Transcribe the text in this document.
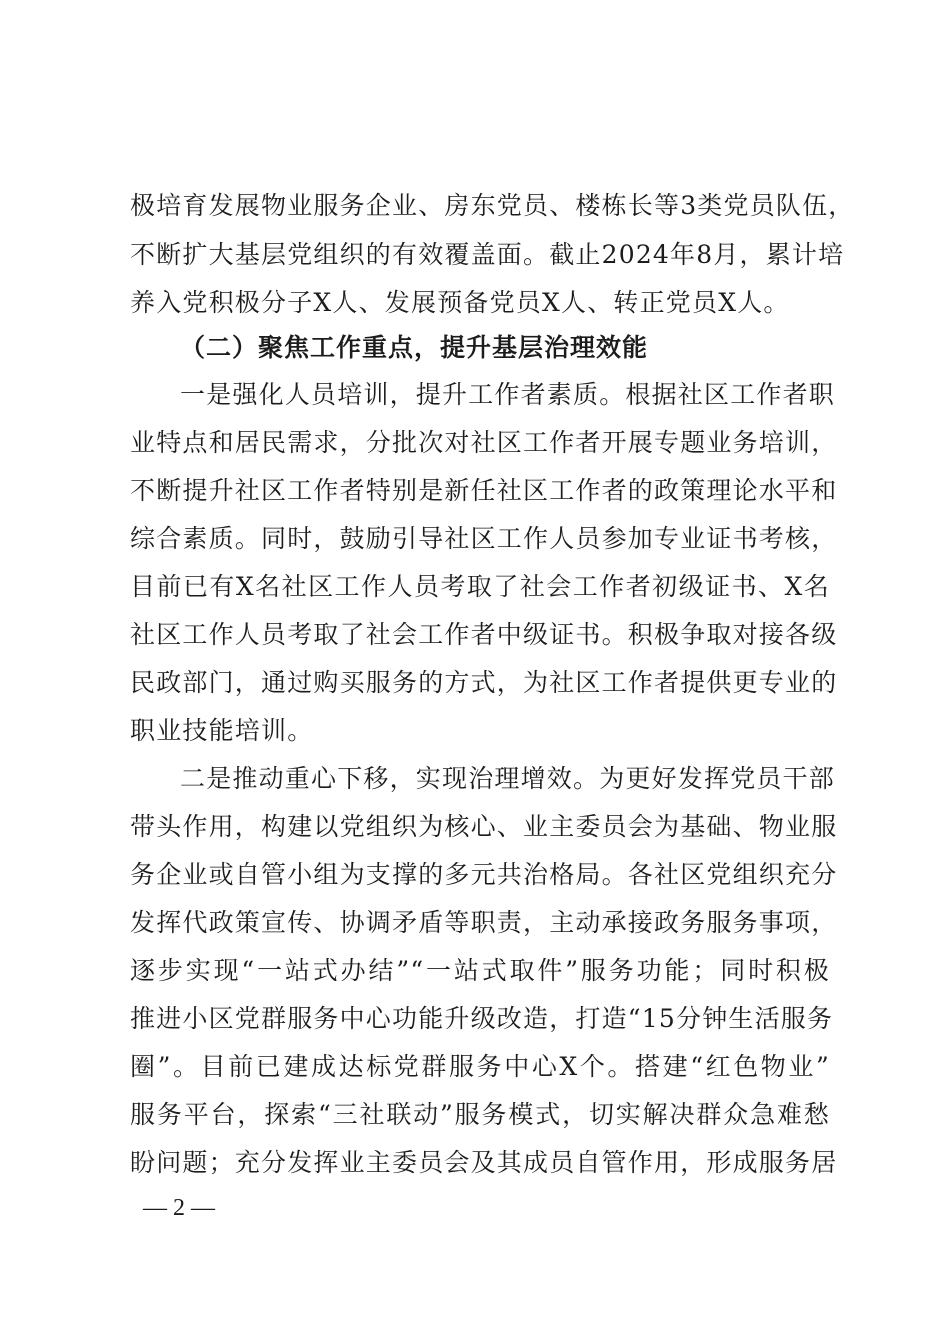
极培育发展物业服务企业、房东党员、楼栋长等3类党员队伍，
不断扩大基层党组织的有效覆盖面。截止2024年8月，累计培
养入党积极分子X人、发展预备党员X人、转正党员X人。
（二）聚焦工作重点，提升基层治理效能
一是强化人员培训，提升工作者素质。根据社区工作者职
业特点和居民需求，分批次对社区工作者开展专题业务培训，
不断提升社区工作者特别是新任社区工作者的政策理论水平和
综合素质。同时，鼓励引导社区工作人员参加专业证书考核，
目前已有X名社区工作人员考取了社会工作者初级证书、X名
社区工作人员考取了社会工作者中级证书。积极争取对接各级
民政部门，通过购买服务的方式，为社区工作者提供更专业的
职业技能培训。
二是推动重心下移，实现治理增效。为更好发挥党员干部
带头作用，构建以党组织为核心、业主委员会为基础、物业服
务企业或自管小组为支撑的多元共治格局。各社区党组织充分
发挥代政策宣传、协调矛盾等职责，主动承接政务服务事项，
逐步实现“一站式办结”“一站式取件”服务功能；同时积极
推进小区党群服务中心功能升级改造，打造“15分钟生活服务
圈”。目前已建成达标党群服务中心X个。搭建“红色物业”
服务平台，探索“三社联动”服务模式，切实解决群众急难愁
盼问题；充分发挥业主委员会及其成员自管作用，形成服务居
— 2 —
